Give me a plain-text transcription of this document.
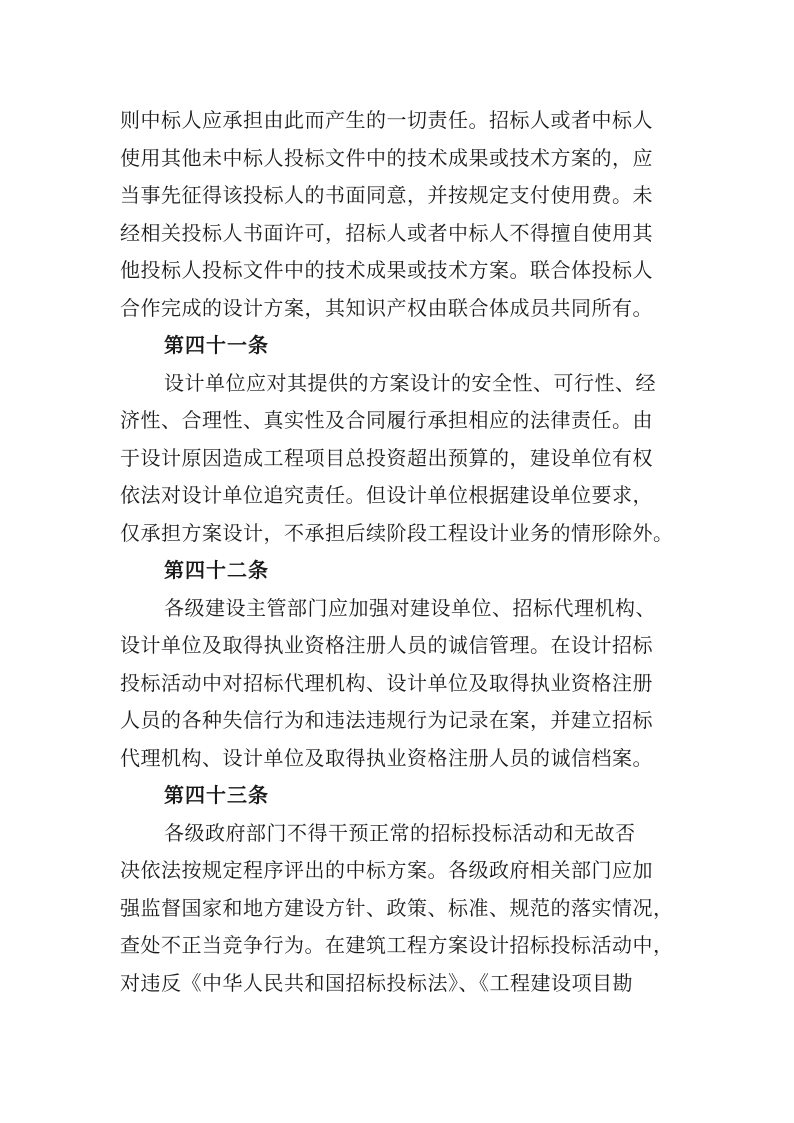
则中标人应承担由此而产生的一切责任。招标人或者中标人
使用其他未中标人投标文件中的技术成果或技术方案的，应
当事先征得该投标人的书面同意，并按规定支付使用费。未
经相关投标人书面许可，招标人或者中标人不得擅自使用其
他投标人投标文件中的技术成果或技术方案。联合体投标人
合作完成的设计方案，其知识产权由联合体成员共同所有。
第四十一条
设计单位应对其提供的方案设计的安全性、可行性、经
济性、合理性、真实性及合同履行承担相应的法律责任。由
于设计原因造成工程项目总投资超出预算的，建设单位有权
依法对设计单位追究责任。但设计单位根据建设单位要求，
仅承担方案设计，不承担后续阶段工程设计业务的情形除外。
第四十二条
各级建设主管部门应加强对建设单位、招标代理机构、
设计单位及取得执业资格注册人员的诚信管理。在设计招标
投标活动中对招标代理机构、设计单位及取得执业资格注册
人员的各种失信行为和违法违规行为记录在案，并建立招标
代理机构、设计单位及取得执业资格注册人员的诚信档案。
第四十三条
各级政府部门不得干预正常的招标投标活动和无故否
决依法按规定程序评出的中标方案。各级政府相关部门应加
强监督国家和地方建设方针、政策、标准、规范的落实情况，
查处不正当竞争行为。在建筑工程方案设计招标投标活动中，
对违反《中华人民共和国招标投标法》、《工程建设项目勘
